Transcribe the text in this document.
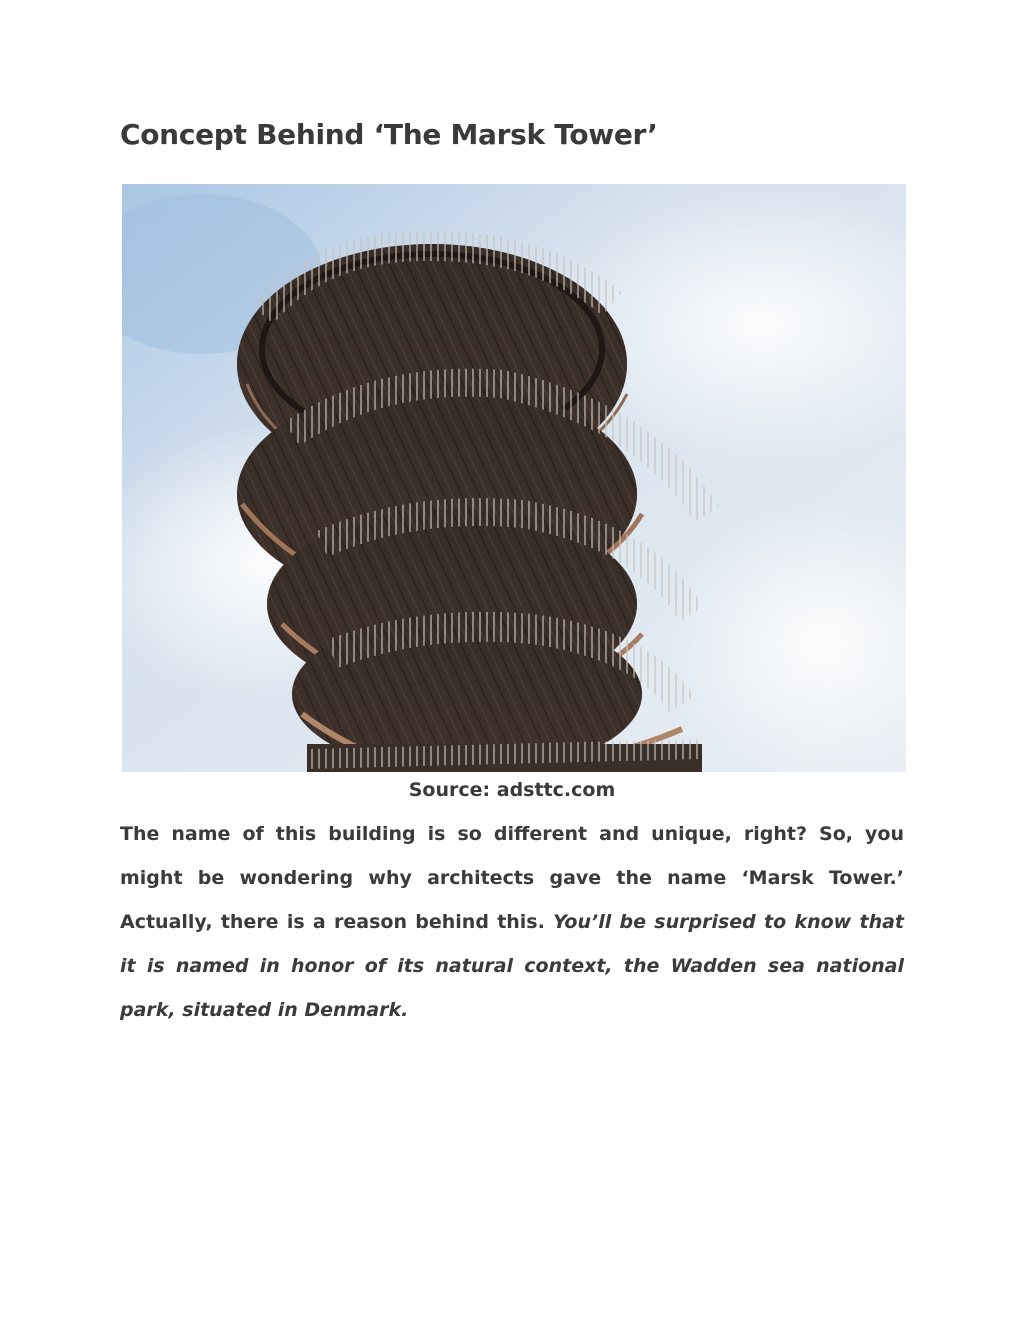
Concept Behind ‘The Marsk Tower’
Source: adsttc.com

The name of this building is so different and unique, right? So, you might be wondering why architects gave the name ‘Marsk Tower.’ Actually, there is a reason behind this. You’ll be surprised to know that it is named in honor of its natural context, the Wadden sea national park, situated in Denmark.
